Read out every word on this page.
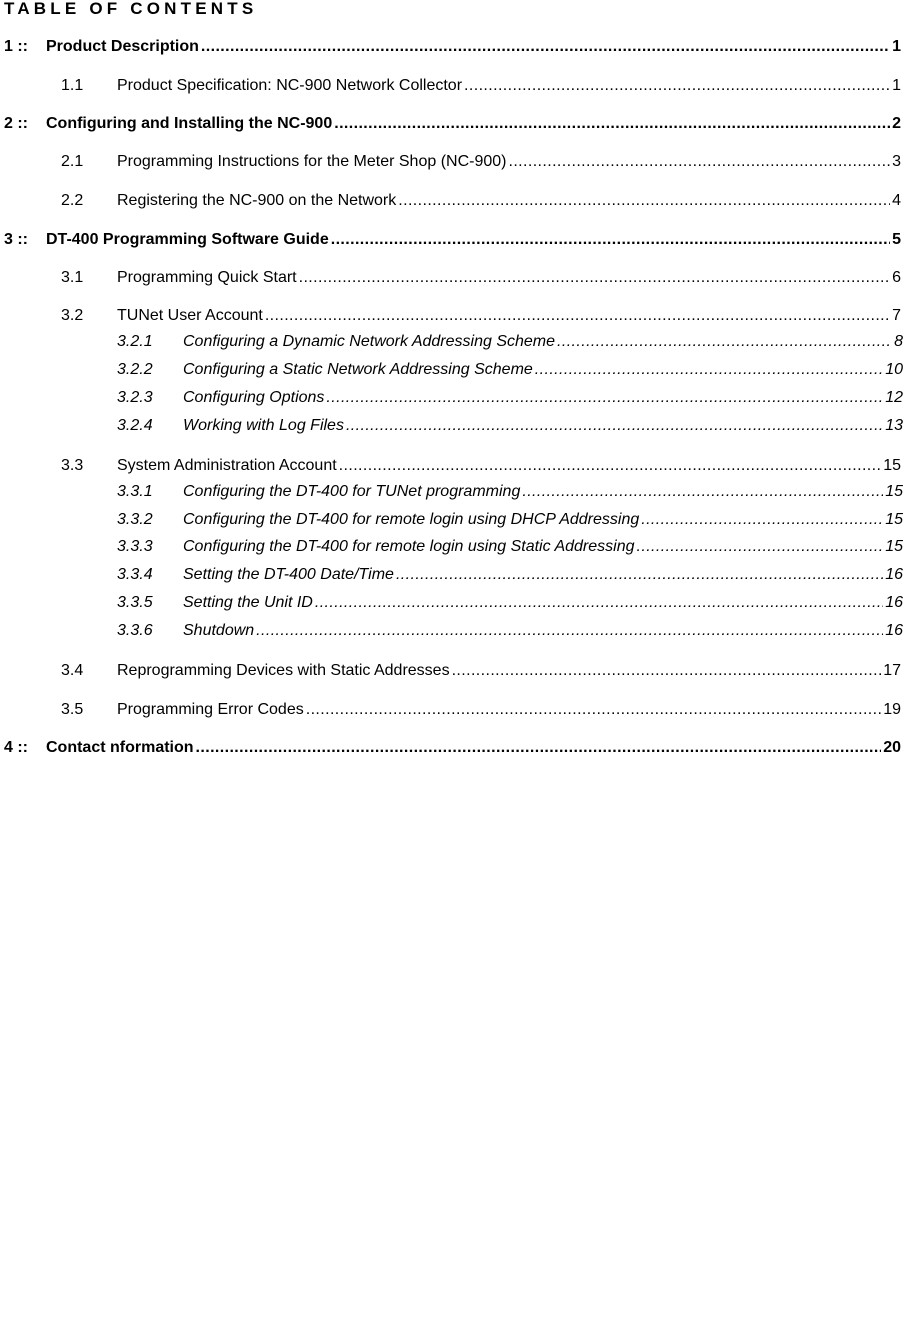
TABLE OF CONTENTS
1 ::	Product Description .....	1
1.1	Product Specification: NC-900 Network Collector .....	1
2 ::	Configuring and Installing the NC-900 .....	2
2.1	Programming Instructions for the Meter Shop (NC-900) .....	3
2.2	Registering the NC-900 on the Network .....	4
3 ::	DT-400 Programming Software Guide .....	5
3.1	Programming Quick Start .....	6
3.2	TUNet User Account .....	7
3.2.1	Configuring a Dynamic Network Addressing Scheme .....	8
3.2.2	Configuring a Static Network Addressing Scheme .....	10
3.2.3	Configuring Options .....	12
3.2.4	Working with Log Files .....	13
3.3	System Administration Account .....	15
3.3.1	Configuring the DT-400 for TUNet programming .....	15
3.3.2	Configuring the DT-400 for remote login using DHCP Addressing .....	15
3.3.3	Configuring the DT-400 for remote login using Static Addressing .....	15
3.3.4	Setting the DT-400 Date/Time .....	16
3.3.5	Setting the Unit ID .....	16
3.3.6	Shutdown .....	16
3.4	Reprogramming Devices with Static Addresses .....	17
3.5	Programming Error Codes .....	19
4 ::	Contact nformation .....	20
